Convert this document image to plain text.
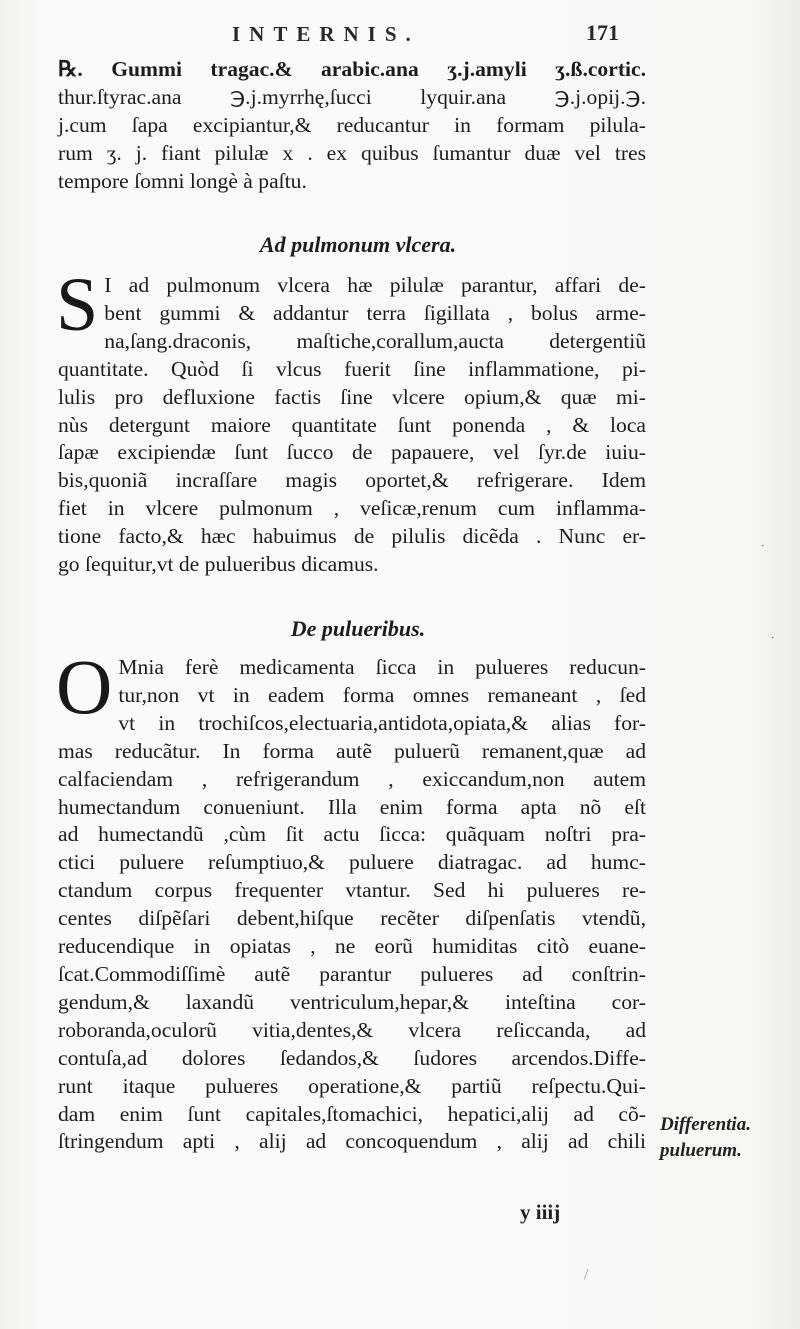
INTERNIS.	171
℞. Gummi tragac.& arabic.ana ʒ.j.amyli ʒ.ß.cortic.
thur.ſtyrac.ana ℈.j.myrrhę,ſucci lyquir.ana ℈.j.opij.℈.
j.cum ſapa excipiantur,& reducantur in formam pilula-
rum ʒ. j. fiant pilulæ x . ex quibus ſumantur duæ vel tres
tempore ſomni longè à paſtu.
Ad pulmonum vlcera.
S I ad pulmonum vlcera hæ pilulæ parantur, affari de-
bent gummi & addantur terra ſigillata , bolus arme-
na,ſang.draconis, maſtiche,corallum,aucta detergentiũ
quantitate. Quòd ſi vlcus fuerit ſine inflammatione, pi-
lulis pro defluxione factis ſine vlcere opium,& quæ mi-
nùs detergunt maiore quantitate ſunt ponenda , & loca
ſapæ excipiendæ ſunt ſucco de papauere, vel ſyr.de iuiu-
bis,quoniã incraſſare magis oportet,& refrigerare. Idem
fiet in vlcere pulmonum , veſicæ,renum cum inflamma-
tione facto,& hæc habuimus de pilulis dicẽda . Nunc er-
go ſequitur,vt de pulueribus dicamus.
De pulueribus.
O Mnia ferè medicamenta ſicca in pulueres reducun-
tur,non vt in eadem forma omnes remaneant , ſed
vt in trochiſcos,electuaria,antidota,opiata,& alias for-
mas reducãtur. In forma autẽ puluerũ remanent,quæ ad
calfaciendam , refrigerandum , exiccandum,non autem
humectandum conueniunt. Illa enim forma apta nõ eſt
ad humectandũ ,cùm ſit actu ſicca: quãquam noſtri pra-
ctici puluere reſumptiuo,& puluere diatragac. ad humc-
ctandum corpus frequenter vtantur. Sed hi pulueres re-
centes diſpẽſari debent,hiſque recẽter diſpenſatis vtendũ,
reducendique in opiatas , ne eorũ humiditas citò euane-
ſcat.Commodiſſimè autẽ parantur pulueres ad conſtrin-
gendum,& laxandũ ventriculum,hepar,& inteſtina cor-
roboranda,oculorũ vitia,dentes,& vlcera reſiccanda, ad
contuſa,ad dolores ſedandos,& ſudores arcendos.Diffe-
runt itaque pulueres operatione,& partiũ reſpectu.Qui-
dam enim ſunt capitales,ſtomachici, hepatici,alij ad cõ-
ſtringendum apti , alij ad concoquendum , alij ad chili
Differentia.
puluerum.
y iiij
·
·
/
